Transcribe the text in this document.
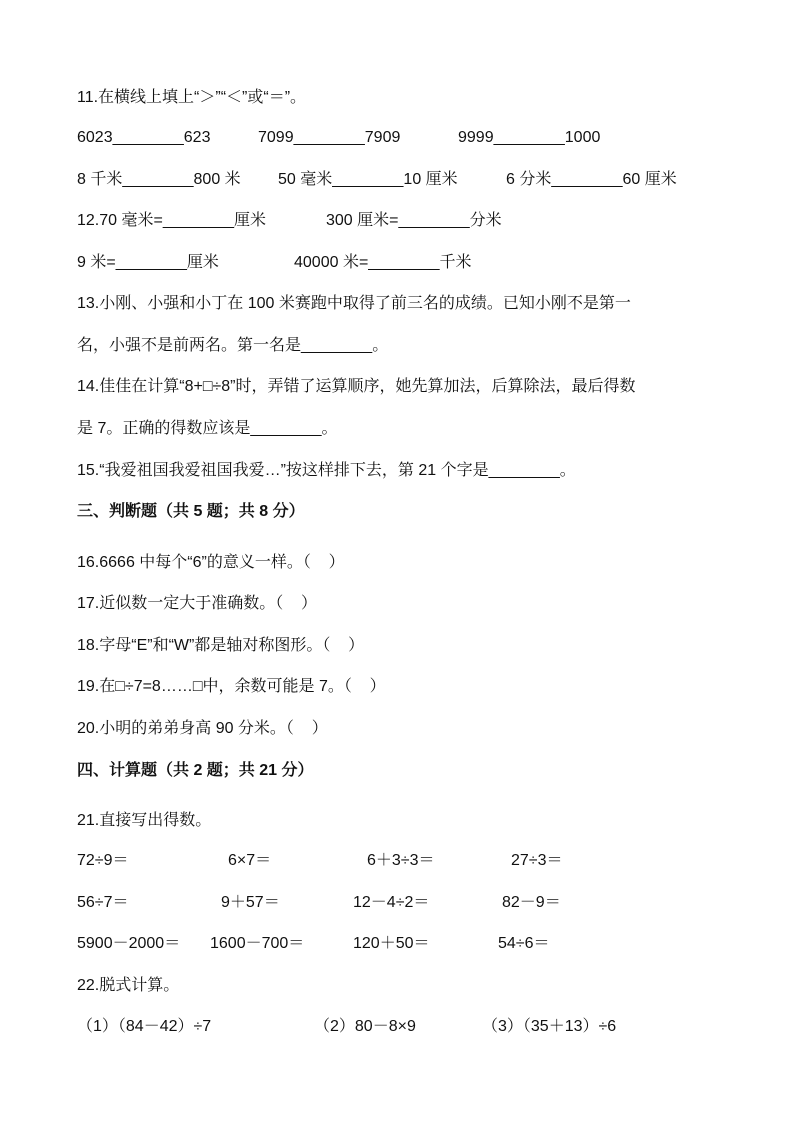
11.在横线上填上“＞”“＜”或“＝”。
6023________623	7099________7909	9999________1000
8 千米________800 米 50 毫米________10 厘米	6 分米________60 厘米
12.70 毫米=________厘米	300 厘米=________分米
9 米=________厘米	40000 米=________千米
13.小刚、小强和小丁在 100 米赛跑中取得了前三名的成绩。已知小刚不是第一
名，小强不是前两名。第一名是________。
14.佳佳在计算“8+□÷8”时，弄错了运算顺序，她先算加法，后算除法，最后得数
是 7。正确的得数应该是________。
15.“我爱祖国我爱祖国我爱…”按这样排下去，第 21 个字是________。
三、判断题（共 5 题；共 8 分）
16.6666 中每个“6”的意义一样。（    ）
17.近似数一定大于准确数。（    ）
18.字母“E”和“W”都是轴对称图形。（    ）
19.在□÷7=8……□中，余数可能是 7。（    ）
20.小明的弟弟身高 90 分米。（    ）
四、计算题（共 2 题；共 21 分）
21.直接写出得数。
72÷9＝	6×7＝	6＋3÷3＝	27÷3＝
56÷7＝	9＋57＝	12－4÷2＝	82－9＝
5900－2000＝ 1600－700＝	120＋50＝	54÷6＝
22.脱式计算。
（1）（84－42）÷7	（2）80－8×9	（3）（35＋13）÷6
